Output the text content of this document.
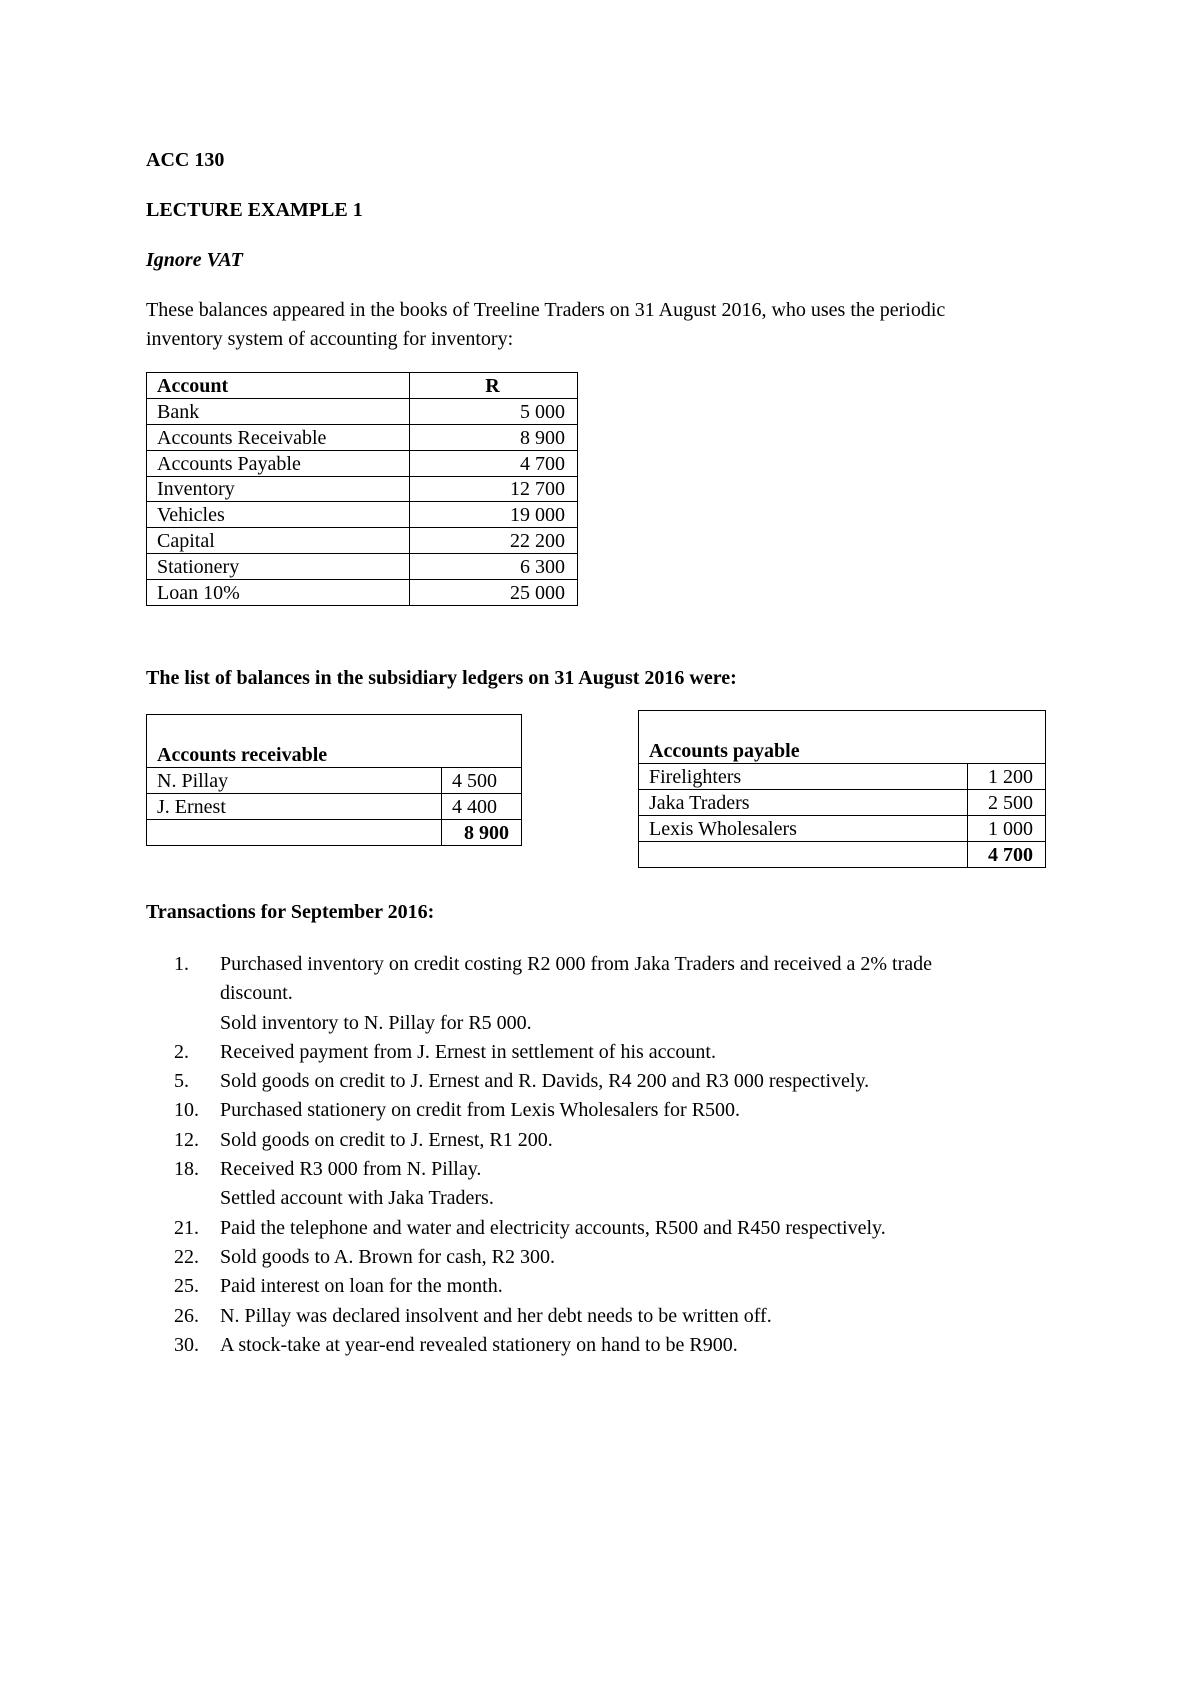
ACC 130
LECTURE EXAMPLE 1
Ignore VAT
These balances appeared in the books of Treeline Traders on 31 August 2016, who uses the periodic
inventory system of accounting for inventory:
Account	R
Bank	5 000
Accounts Receivable	8 900
Accounts Payable	4 700
Inventory	12 700
Vehicles	19 000
Capital	22 200
Stationery	6 300
Loan 10%	25 000
The list of balances in the subsidiary ledgers on 31 August 2016 were:
Accounts receivable	
N. Pillay	4 500
J. Ernest	4 400
	8 900
Accounts payable	
Firelighters	1 200
Jaka Traders	2 500
Lexis Wholesalers	1 000
	4 700
Transactions for September 2016:
1.	Purchased inventory on credit costing R2 000 from Jaka Traders and received a 2% trade
discount.
Sold inventory to N. Pillay for R5 000.
2.	Received payment from J. Ernest in settlement of his account.
5.	Sold goods on credit to J. Ernest and R. Davids, R4 200 and R3 000 respectively.
10.	Purchased stationery on credit from Lexis Wholesalers for R500.
12.	Sold goods on credit to J. Ernest, R1 200.
18.	Received R3 000 from N. Pillay.
Settled account with Jaka Traders.
21.	Paid the telephone and water and electricity accounts, R500 and R450 respectively.
22.	Sold goods to A. Brown for cash, R2 300.
25.	Paid interest on loan for the month.
26.	N. Pillay was declared insolvent and her debt needs to be written off.
30.	A stock-take at year-end revealed stationery on hand to be R900.
